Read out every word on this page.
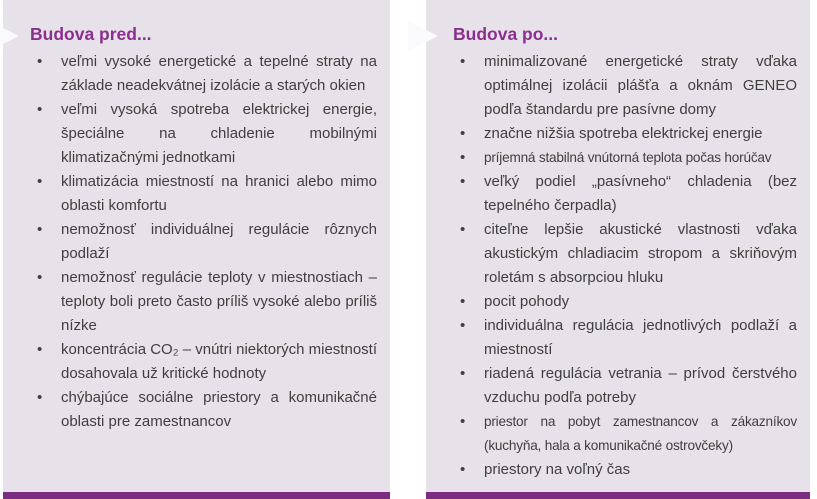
Budova pred...
•	veľmi vysoké energetické a tepelné straty na základe neadekvátnej izolácie a starých okien
•	veľmi vysoká spotreba elektrickej energie, špeciálne na chladenie mobilnými klimatizačnými jednotkami
•	klimatizácia miestností na hranici alebo mimo oblasti komfortu
•	nemožnosť individuálnej regulácie rôznych podlaží
•	nemožnosť regulácie teploty v miestnostiach – teploty boli preto často príliš vysoké alebo príliš nízke
•	koncentrácia CO₂ – vnútri niektorých miestností dosahovala už kritické hodnoty
•	chýbajúce sociálne priestory a komunikačné oblasti pre zamestnancov
Budova po...
•	minimalizované energetické straty vďaka optimálnej izolácii plášťa a oknám GENEO podľa štandardu pre pasívne domy
•	značne nižšia spotreba elektrickej energie
•	príjemná stabilná vnútorná teplota počas horúčav
•	veľký podiel „pasívneho“ chladenia (bez tepelného čerpadla)
•	citeľne lepšie akustické vlastnosti vďaka akustickým chladiacim stropom a skriňovým roletám s absorpciou hluku
•	pocit pohody
•	individuálna regulácia jednotlivých podlaží a miestností
•	riadená regulácia vetrania – prívod čerstvého vzduchu podľa potreby
•	priestor na pobyt zamestnancov a zákazníkov (kuchyňa, hala a komunikačné ostrovčeky)
•	priestory na voľný čas
